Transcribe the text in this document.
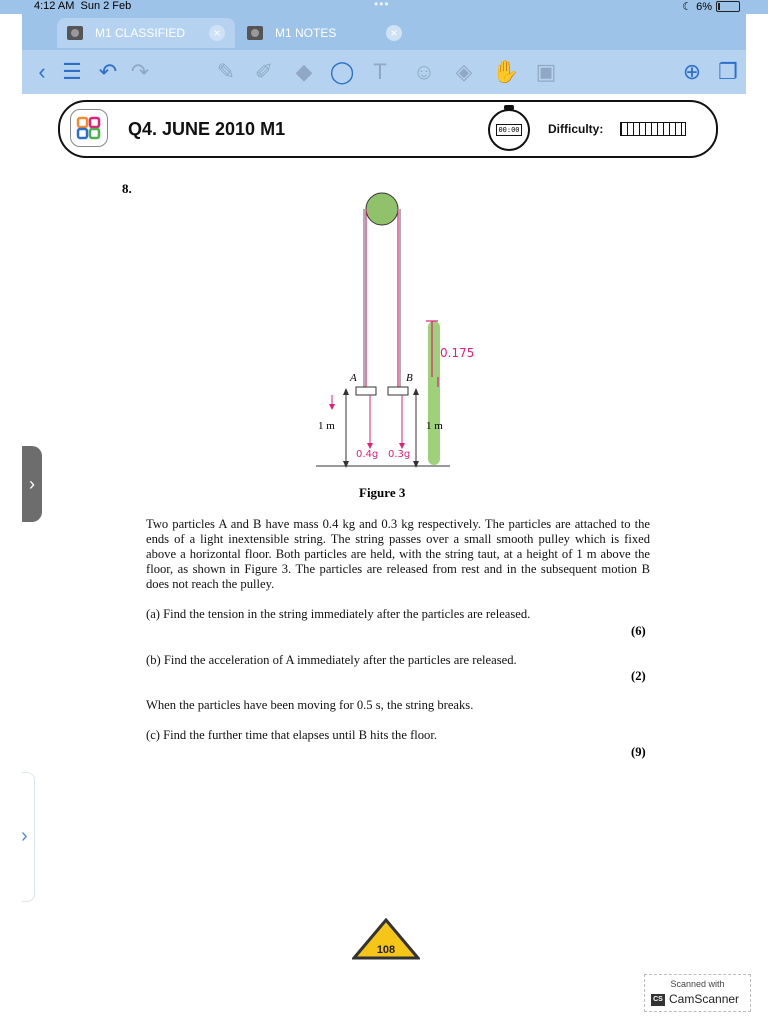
4:12 AM Sun 2 Feb	•••	☾ 6%
M1 CLASSIFIED	×	M1 NOTES	×
‹ ☰ ↶ ↷	✎ ✐ ◆ ◯ T	☺ ◈ ✋ ▣	⊕ ❐
Q4. JUNE 2010 M1	00:00 Difficulty:
8.
0.175
A	B
1 m	1 m
0.4g 0.3g
Figure 3
Two particles A and B have mass 0.4 kg and 0.3 kg respectively. The particles are attached to the ends of a light inextensible string. The string passes over a small smooth pulley which is fixed above a horizontal floor. Both particles are held, with the string taut, at a height of 1 m above the floor, as shown in Figure 3. The particles are released from rest and in the subsequent motion B does not reach the pulley.
(a) Find the tension in the string immediately after the particles are released.
(6)
(b) Find the acceleration of A immediately after the particles are released.
(2)
When the particles have been moving for 0.5 s, the string breaks.
(c) Find the further time that elapses until B hits the floor.
(9)
›
›
108
Scanned with
CS CamScanner
